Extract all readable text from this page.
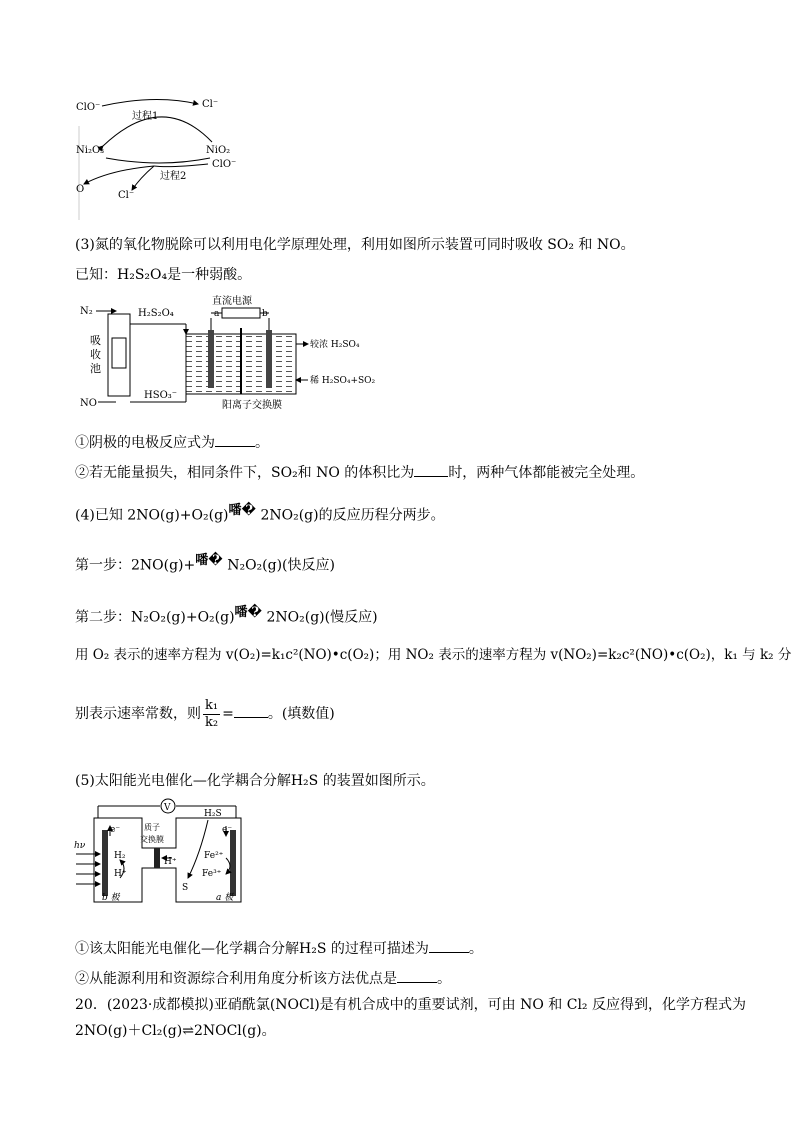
ClO⁻	Cl⁻
过程1
Ni₂O₃	NiO₂
ClO⁻
过程2
O
Cl⁻
(3)氮的氧化物脱除可以利用电化学原理处理，利用如图所示装置可同时吸收 SO₂ 和 NO。
已知：H₂S₂O₄是一种弱酸。
N₂
吸
收
池
NO
H₂S₂O₄
HSO₃⁻
直流电源
a	b
较浓 H₂SO₄
稀 H₂SO₄+SO₂
阳离子交换膜
①阴极的电极反应式为	。
②若无能量损失，相同条件下，SO₂和 NO 的体积比为 时，两种气体都能被完全处理。
(4)已知 $2NO(g)+O_2(g)^{噃�}$ 2NO₂(g)的反应历程分两步。
第一步：2NO(g)+$^{噃�}$ N₂O₂(g)(快反应)
第二步：$N_2O_2(g)+O_2(g)^{噃�}$ 2NO₂(g)(慢反应)
用 O₂ 表示的速率方程为 v(O₂)=k₁c²(NO)•c(O₂)；用 NO₂ 表示的速率方程为 v(NO₂)=k₂c²(NO)•c(O₂)，k₁ 与 k₂ 分
别表示速率常数，则 $\frac{\text{k₁}}{\text{k₂}}$ = 。(填数值)
(5)太阳能光电催化—化学耦合分解H₂S 的装置如图所示。
V
hν
e⁻
H₂
H⁺
b 极
质子
交换膜
H⁺
H₂S
S
e⁻
Fe²⁺
Fe³⁺
a 极
①该太阳能光电催化—化学耦合分解H₂S 的过程可描述为	。
②从能源利用和资源综合利用角度分析该方法优点是	。
20．(2023·成都模拟)亚硝酰氯(NOCl)是有机合成中的重要试剂，可由 NO 和 Cl₂ 反应得到，化学方程式为
2NO(g)＋Cl₂(g)⇌2NOCl(g)。
